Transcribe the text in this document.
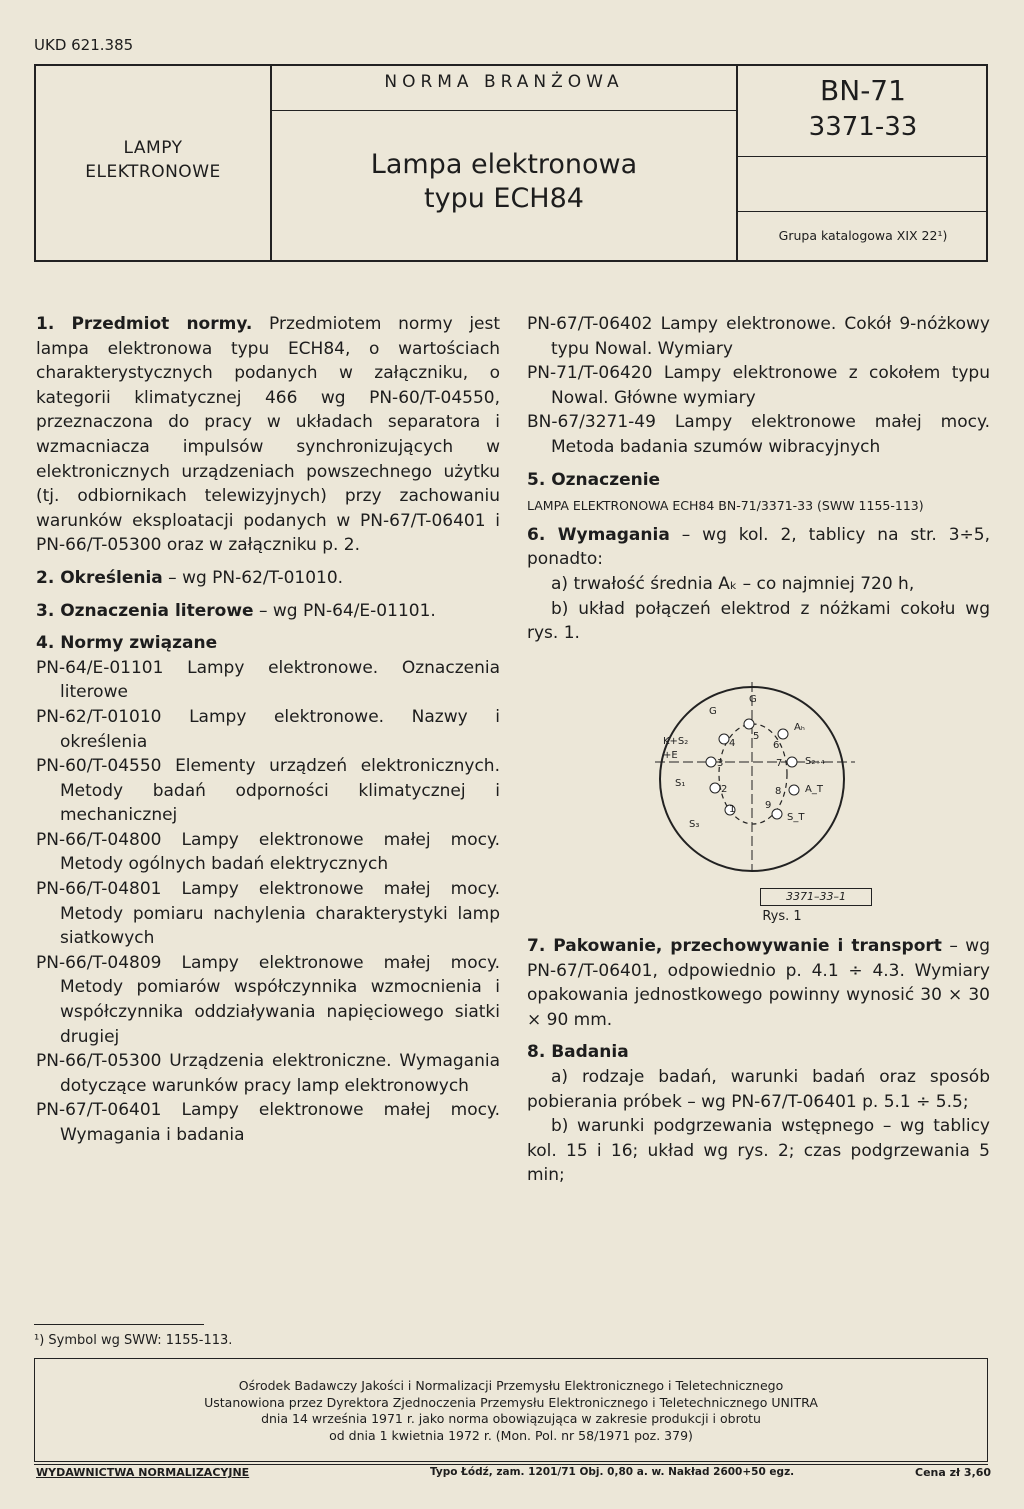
UKD 621.385
LAMPY
ELEKTRONOWE
NORMA BRANŻOWA
Lampa elektronowa
typu ECH84
BN-71
3371-33
Grupa katalogowa XIX 22¹)

1. Przedmiot normy. Przedmiotem normy jest lampa elektronowa typu ECH84, o wartościach charakterystycznych podanych w załączniku, o kategorii klimatycznej 466 wg PN-60/T-04550, przeznaczona do pracy w układach separatora i wzmacniacza impulsów synchronizujących w elektronicznych urządzeniach powszechnego użytku (tj. odbiornikach telewizyjnych) przy zachowaniu warunków eksploatacji podanych w PN-67/T-06401 i PN-66/T-05300 oraz w załączniku p. 2.

2. Określenia – wg PN-62/T-01010.

3. Oznaczenia literowe – wg PN-64/E-01101.

4. Normy związane

PN-64/E-01101 Lampy elektronowe. Oznaczenia literowe
PN-62/T-01010 Lampy elektronowe. Nazwy i określenia
PN-60/T-04550 Elementy urządzeń elektronicznych. Metody badań odporności klimatycznej i mechanicznej
PN-66/T-04800 Lampy elektronowe małej mocy. Metody ogólnych badań elektrycznych
PN-66/T-04801 Lampy elektronowe małej mocy. Metody pomiaru nachylenia charakterystyki lamp siatkowych
PN-66/T-04809 Lampy elektronowe małej mocy. Metody pomiarów współczynnika wzmocnienia i współczynnika oddziaływania napięciowego siatki drugiej
PN-66/T-05300 Urządzenia elektroniczne. Wymagania dotyczące warunków pracy lamp elektronowych
PN-67/T-06401 Lampy elektronowe małej mocy. Wymagania i badania
PN-67/T-06402 Lampy elektronowe. Cokół 9-nóżkowy typu Nowal. Wymiary
PN-71/T-06420 Lampy elektronowe z cokołem typu Nowal. Główne wymiary
BN-67/3271-49 Lampy elektronowe małej mocy. Metoda badania szumów wibracyjnych

5. Oznaczenie

LAMPA ELEKTRONOWA ECH84 BN-71/3371-33 (SWW 1155-113)

6. Wymagania – wg kol. 2, tablicy na str. 3÷5, ponadto:

a) trwałość średnia Aₖ – co najmniej 720 h,

b) układ połączeń elektrod z nóżkami cokołu wg rys. 1.

G
G
Aₕ
K+S₂
+E
S₂₊₄
S₁
A_T
S₃
S_T
1
2
3
4
5
6
7
8
9
3371–33–1
Rys. 1

7. Pakowanie, przechowywanie i transport – wg PN-67/T-06401, odpowiednio p. 4.1 ÷ 4.3. Wymiary opakowania jednostkowego powinny wynosić 30 × 30 × 90 mm.

8. Badania

a) rodzaje badań, warunki badań oraz sposób pobierania próbek – wg PN-67/T-06401 p. 5.1 ÷ 5.5;

b) warunki podgrzewania wstępnego – wg tablicy kol. 15 i 16; układ wg rys. 2; czas podgrzewania 5 min;

¹) Symbol wg SWW: 1155-113.
Ośrodek Badawczy Jakości i Normalizacji Przemysłu Elektronicznego i Teletechnicznego
Ustanowiona przez Dyrektora Zjednoczenia Przemysłu Elektronicznego i Teletechnicznego UNITRA
dnia 14 września 1971 r. jako norma obowiązująca w zakresie produkcji i obrotu
od dnia 1 kwietnia 1972 r. (Mon. Pol. nr 58/1971 poz. 379)
WYDAWNICTWA NORMALIZACYJNE	Typo Łódź, zam. 1201/71 Obj. 0,80 a. w. Nakład 2600+50 egz.	Cena zł 3,60
